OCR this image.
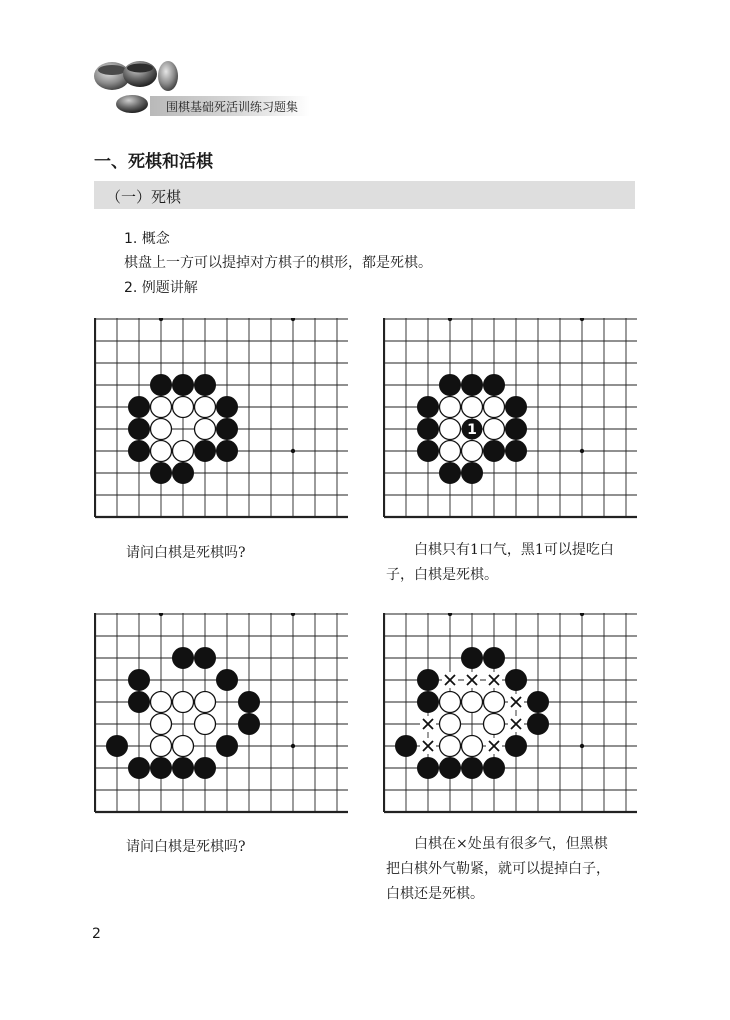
围棋基础死活训练习题集
一、死棋和活棋
（一）死棋
1. 概念
棋盘上一方可以提掉对方棋子的棋形，都是死棋。
2. 例题讲解
1
请问白棋是死棋吗?	白棋只有1口气，黑1可以提吃白
子，白棋是死棋。
请问白棋是死棋吗?	白棋在×处虽有很多气，但黑棋
把白棋外气勒紧，就可以提掉白子，
白棋还是死棋。
2
